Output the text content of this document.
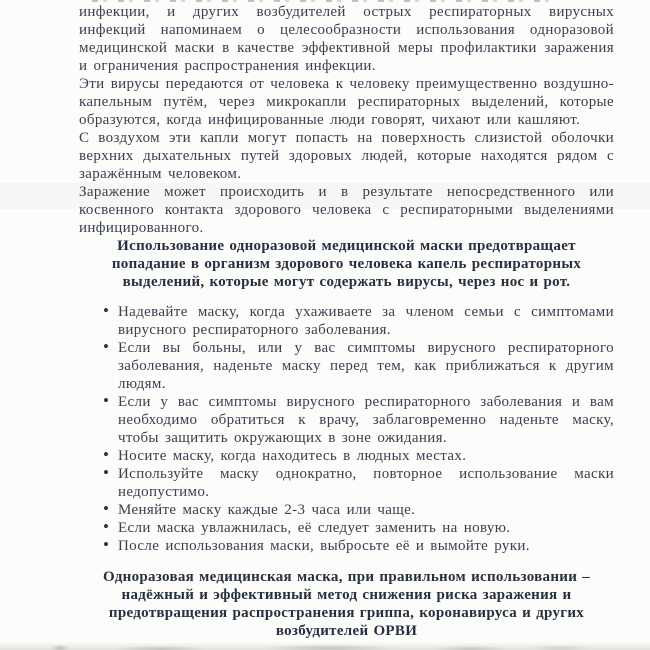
инфекции, и других возбудителей острых респираторных вирусных инфекций напоминаем о целесообразности использования одноразовой медицинской маски в качестве эффективной меры профилактики заражения и ограничения распространения инфекции.

Эти вирусы передаются от человека к человеку преимущественно воздушно-капельным путём, через микрокапли респираторных выделений, которые образуются, когда инфицированные люди говорят, чихают или кашляют.

С воздухом эти капли могут попасть на поверхность слизистой оболочки верхних дыхательных путей здоровых людей, которые находятся рядом с заражённым человеком.

Заражение может происходить и в результате непосредственного или косвенного контакта здорового человека с респираторными выделениями инфицированного.

Использование одноразовой медицинской маски предотвращает попадание в организм здорового человека капель респираторных выделений, которые могут содержать вирусы, через нос и рот.

• Надевайте маску, когда ухаживаете за членом семьи с симптомами вирусного респираторного заболевания.
• Если вы больны, или у вас симптомы вирусного респираторного заболевания, наденьте маску перед тем, как приближаться к другим людям.
• Если у вас симптомы вирусного респираторного заболевания и вам необходимо обратиться к врачу, заблаговременно наденьте маску, чтобы защитить окружающих в зоне ожидания.
• Носите маску, когда находитесь в людных местах.
• Используйте маску однократно, повторное использование маски недопустимо.
• Меняйте маску каждые 2-3 часа или чаще.
• Если маска увлажнилась, её следует заменить на новую.
• После использования маски, выбросьте её и вымойте руки.

Одноразовая медицинская маска, при правильном использовании – надёжный и эффективный метод снижения риска заражения и предотвращения распространения гриппа, коронавируса и других возбудителей ОРВИ
